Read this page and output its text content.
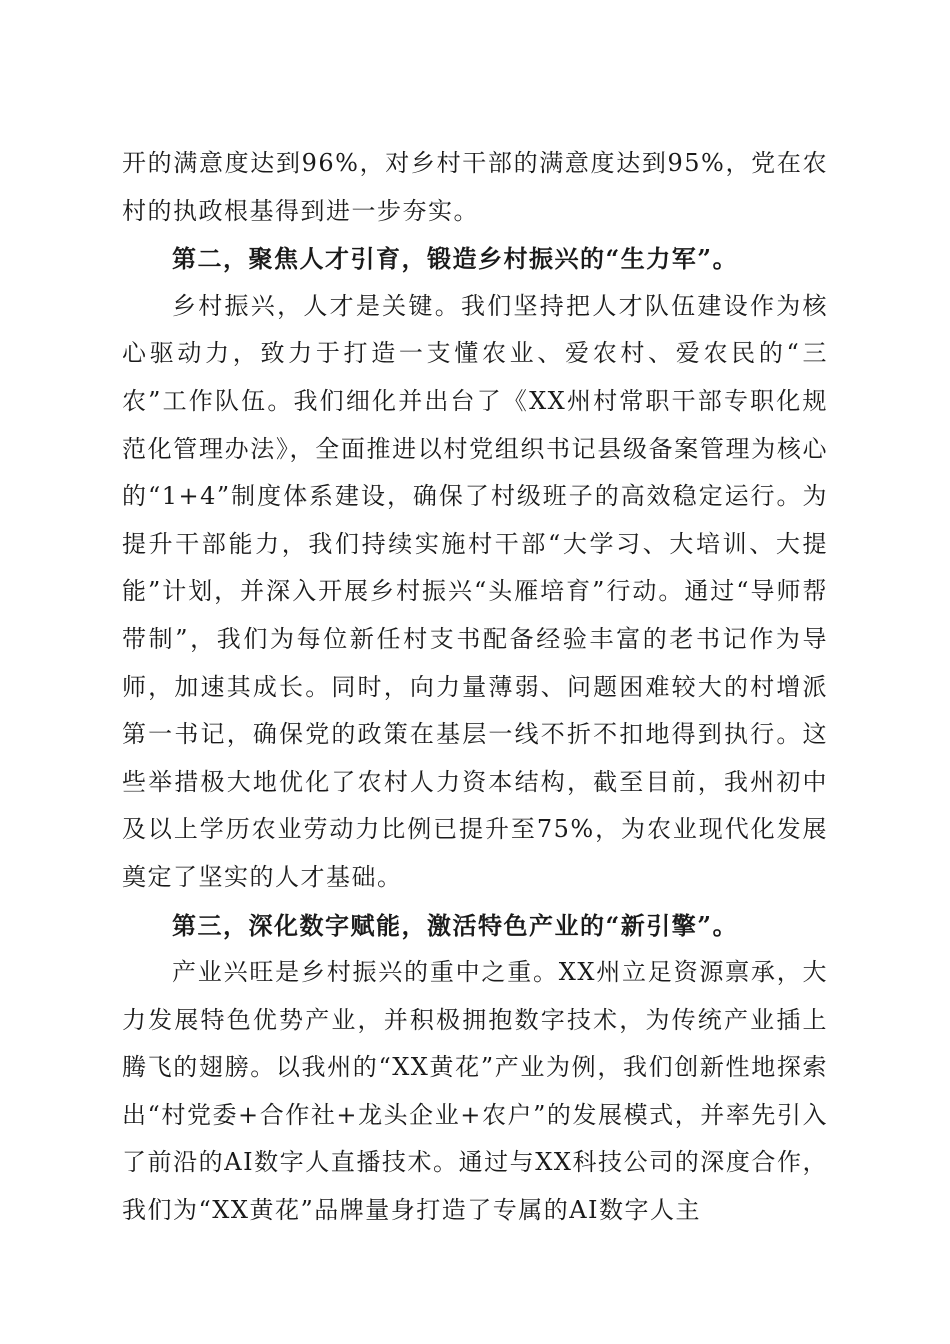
开的满意度达到96%，对乡村干部的满意度达到95%，党在农村的执政根基得到进一步夯实。

第二，聚焦人才引育，锻造乡村振兴的“生力军”。

乡村振兴，人才是关键。我们坚持把人才队伍建设作为核心驱动力，致力于打造一支懂农业、爱农村、爱农民的“三农”工作队伍。我们细化并出台了《XX州村常职干部专职化规范化管理办法》，全面推进以村党组织书记县级备案管理为核心的“1+4”制度体系建设，确保了村级班子的高效稳定运行。为提升干部能力，我们持续实施村干部“大学习、大培训、大提能”计划，并深入开展乡村振兴“头雁培育”行动。通过“导师帮带制”，我们为每位新任村支书配备经验丰富的老书记作为导师，加速其成长。同时，向力量薄弱、问题困难较大的村增派第一书记，确保党的政策在基层一线不折不扣地得到执行。这些举措极大地优化了农村人力资本结构，截至目前，我州初中及以上学历农业劳动力比例已提升至75%，为农业现代化发展奠定了坚实的人才基础。

第三，深化数字赋能，激活特色产业的“新引擎”。

产业兴旺是乡村振兴的重中之重。XX州立足资源禀承，大力发展特色优势产业，并积极拥抱数字技术，为传统产业插上腾飞的翅膀。以我州的“XX黄花”产业为例，我们创新性地探索出“村党委+合作社+龙头企业+农户”的发展模式，并率先引入了前沿的AI数字人直播技术。通过与XX科技公司的深度合作，我们为“XX黄花”品牌量身打造了专属的AI数字人主
